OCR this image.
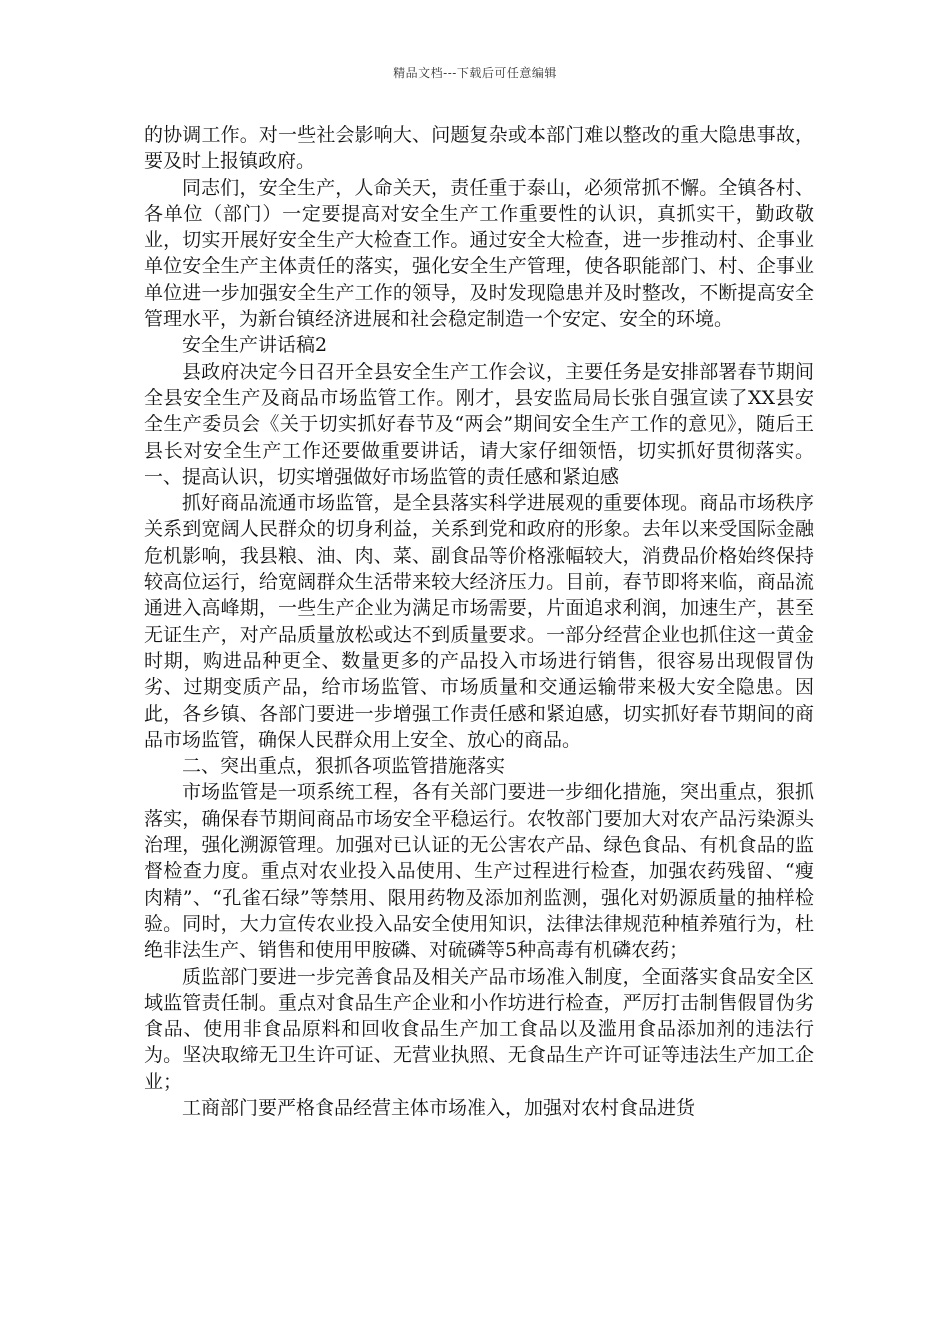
精品文档---下载后可任意编辑

的协调工作。对一些社会影响大、问题复杂或本部门难以整改的重大隐患事故，要及时上报镇政府。

同志们，安全生产，人命关天，责任重于泰山，必须常抓不懈。全镇各村、各单位（部门）一定要提高对安全生产工作重要性的认识，真抓实干，勤政敬业，切实开展好安全生产大检查工作。通过安全大检查，进一步推动村、企事业单位安全生产主体责任的落实，强化安全生产管理，使各职能部门、村、企事业单位进一步加强安全生产工作的领导，及时发现隐患并及时整改，不断提高安全管理水平，为新台镇经济进展和社会稳定制造一个安定、安全的环境。

安全生产讲话稿2

县政府决定今日召开全县安全生产工作会议，主要任务是安排部署春节期间全县安全生产及商品市场监管工作。刚才，县安监局局长张自强宣读了XX县安全生产委员会《关于切实抓好春节及“两会”期间安全生产工作的意见》，随后王县长对安全生产工作还要做重要讲话，请大家仔细领悟，切实抓好贯彻落实。一、提高认识，切实增强做好市场监管的责任感和紧迫感

抓好商品流通市场监管，是全县落实科学进展观的重要体现。商品市场秩序关系到宽阔人民群众的切身利益，关系到党和政府的形象。去年以来受国际金融危机影响，我县粮、油、肉、菜、副食品等价格涨幅较大，消费品价格始终保持较高位运行，给宽阔群众生活带来较大经济压力。目前，春节即将来临，商品流通进入高峰期，一些生产企业为满足市场需要，片面追求利润，加速生产，甚至无证生产，对产品质量放松或达不到质量要求。一部分经营企业也抓住这一黄金时期，购进品种更全、数量更多的产品投入市场进行销售，很容易出现假冒伪劣、过期变质产品，给市场监管、市场质量和交通运输带来极大安全隐患。因此，各乡镇、各部门要进一步增强工作责任感和紧迫感，切实抓好春节期间的商品市场监管，确保人民群众用上安全、放心的商品。

二、突出重点，狠抓各项监管措施落实

市场监管是一项系统工程，各有关部门要进一步细化措施，突出重点，狠抓落实，确保春节期间商品市场安全平稳运行。农牧部门要加大对农产品污染源头治理，强化溯源管理。加强对已认证的无公害农产品、绿色食品、有机食品的监督检查力度。重点对农业投入品使用、生产过程进行检查，加强农药残留、“瘦肉精”、“孔雀石绿”等禁用、限用药物及添加剂监测，强化对奶源质量的抽样检验。同时，大力宣传农业投入品安全使用知识，法律法律规范种植养殖行为，杜绝非法生产、销售和使用甲胺磷、对硫磷等5种高毒有机磷农药；

质监部门要进一步完善食品及相关产品市场准入制度，全面落实食品安全区域监管责任制。重点对食品生产企业和小作坊进行检查，严厉打击制售假冒伪劣食品、使用非食品原料和回收食品生产加工食品以及滥用食品添加剂的违法行为。坚决取缔无卫生许可证、无营业执照、无食品生产许可证等违法生产加工企业；

工商部门要严格食品经营主体市场准入，加强对农村食品进货
